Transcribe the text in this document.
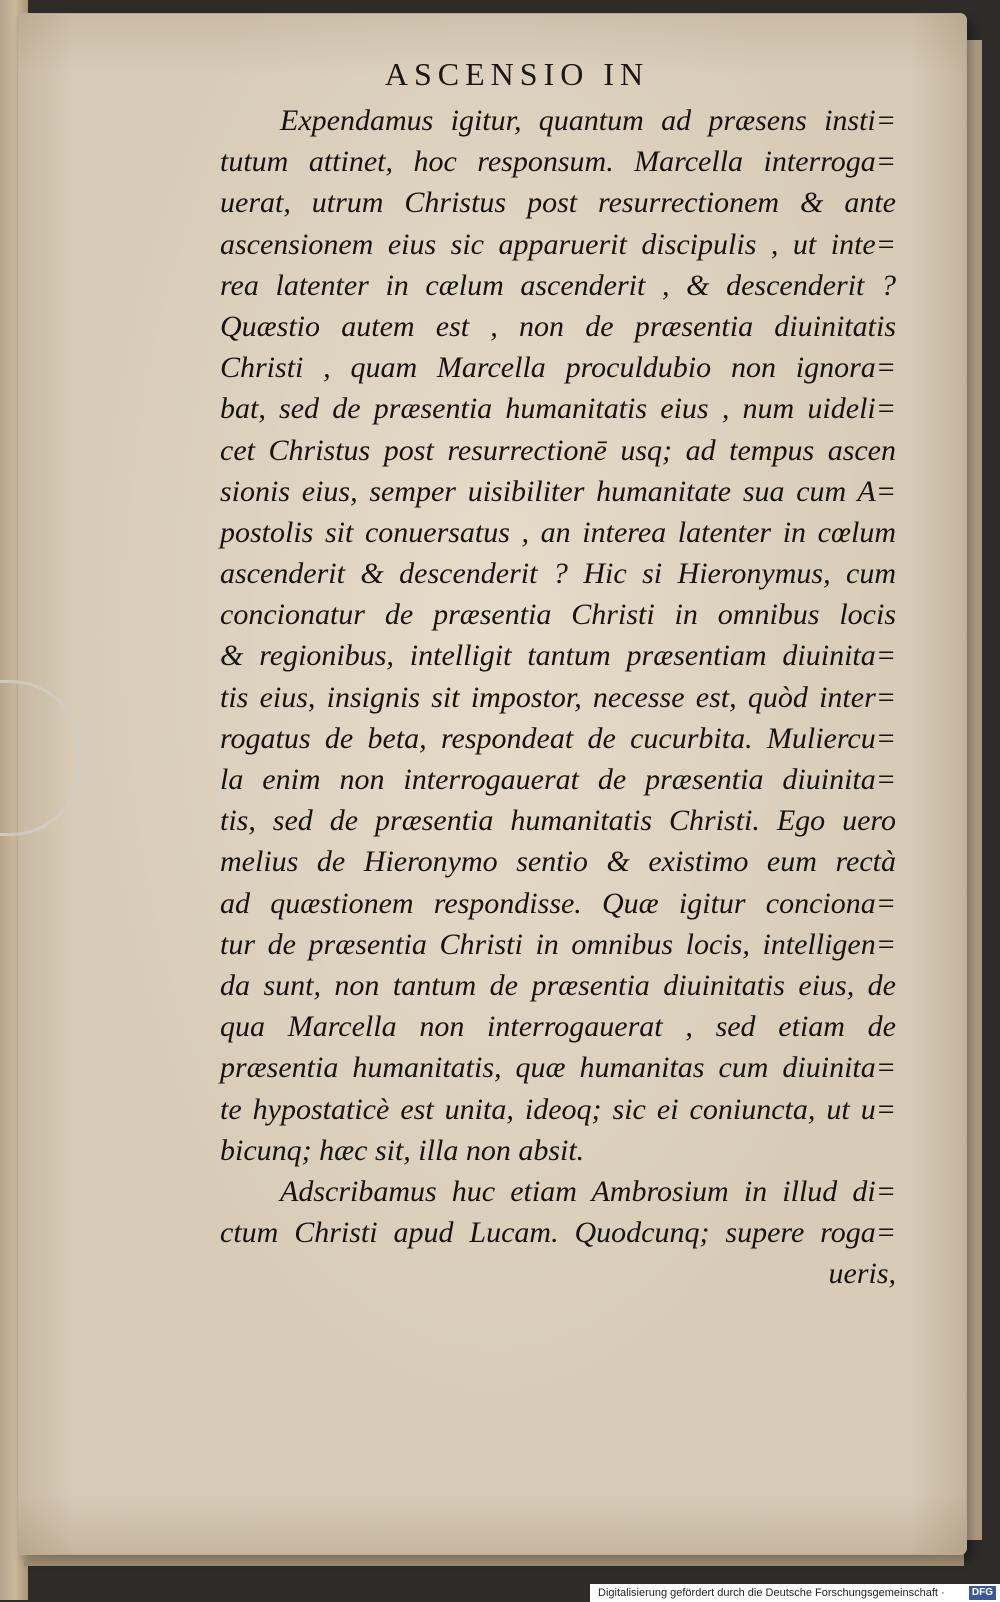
ASCENSIO IN
Expendamus igitur, quantum ad præsens insti=
tutum attinet, hoc responsum. Marcella interroga=
uerat, utrum Christus post resurrectionem & ante
ascensionem eius sic apparuerit discipulis , ut inte=
rea latenter in cælum ascenderit , & descenderit ?
Quæstio autem est , non de præsentia diuinitatis
Christi , quam Marcella proculdubio non ignora=
bat, sed de præsentia humanitatis eius , num uideli=
cet Christus post resurrectionē usq; ad tempus ascen
sionis eius, semper uisibiliter humanitate sua cum A=
postolis sit conuersatus , an interea latenter in cœlum
ascenderit & descenderit ? Hic si Hieronymus, cum
concionatur de præsentia Christi in omnibus locis
& regionibus, intelligit tantum præsentiam diuinita=
tis eius, insignis sit impostor, necesse est, quòd inter=
rogatus de beta, respondeat de cucurbita. Muliercu=
la enim non interrogauerat de præsentia diuinita=
tis, sed de præsentia humanitatis Christi. Ego uero
melius de Hieronymo sentio & existimo eum rectà
ad quæstionem respondisse. Quæ igitur conciona=
tur de præsentia Christi in omnibus locis, intelligen=
da sunt, non tantum de præsentia diuinitatis eius, de
qua Marcella non interrogauerat , sed etiam de
præsentia humanitatis, quæ humanitas cum diuinita=
te hypostaticè est unita, ideoq; sic ei coniuncta, ut u=
bicunq; hæc sit, illa non absit.
Adscribamus huc etiam Ambrosium in illud di=
ctum Christi apud Lucam. Quodcunq; supere roga=
ueris,
Digitalisierung gefördert durch die Deutsche Forschungsgemeinschaft ·	DFG
